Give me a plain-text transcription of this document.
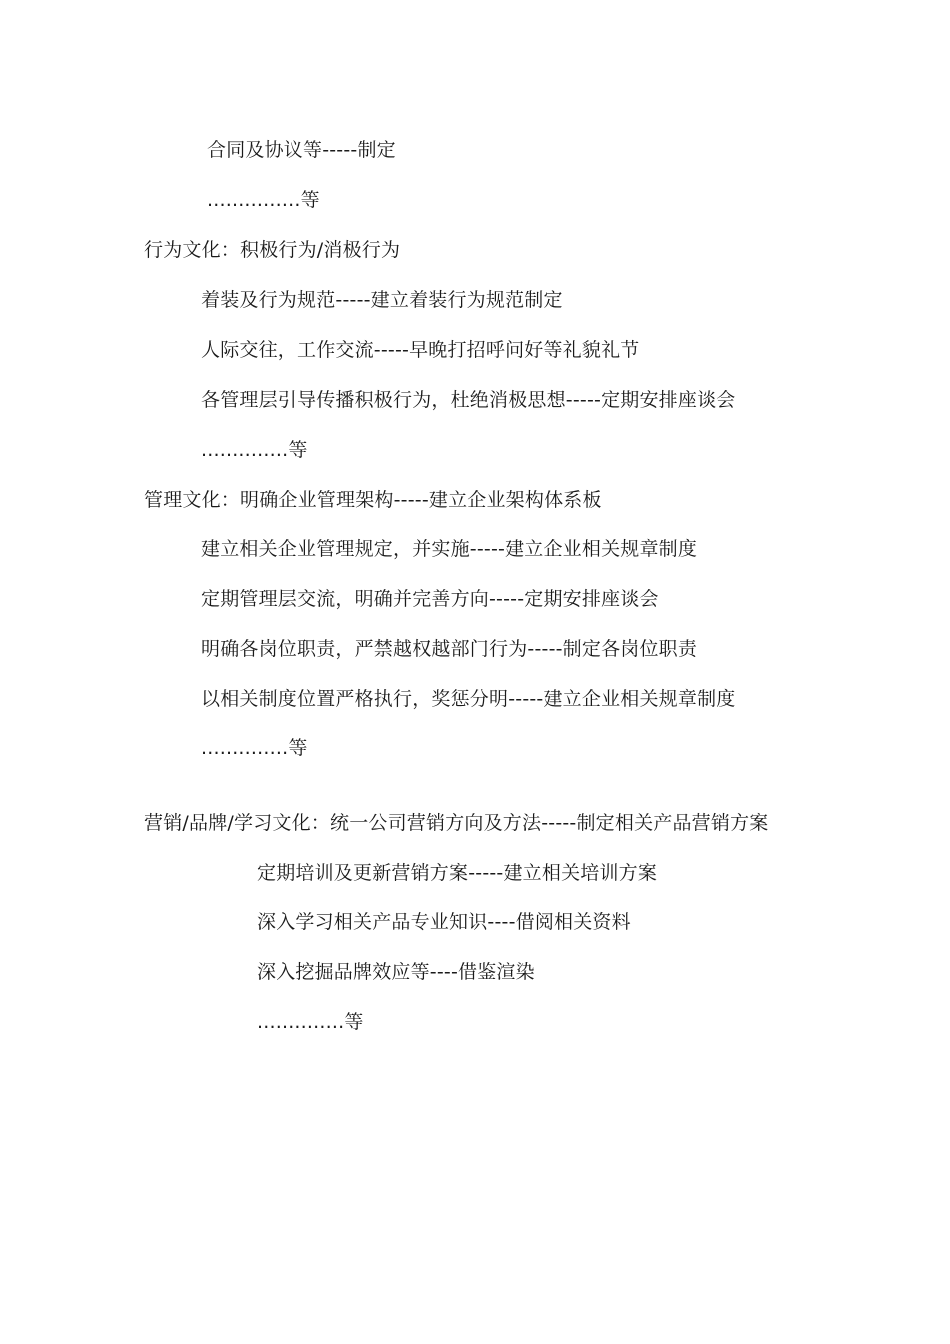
合同及协议等-----制定
...............等
行为文化：积极行为/消极行为
着装及行为规范-----建立着装行为规范制定
人际交往，工作交流-----早晚打招呼问好等礼貌礼节
各管理层引导传播积极行为，杜绝消极思想-----定期安排座谈会
..............等
管理文化：明确企业管理架构-----建立企业架构体系板
建立相关企业管理规定，并实施-----建立企业相关规章制度
定期管理层交流，明确并完善方向-----定期安排座谈会
明确各岗位职责，严禁越权越部门行为-----制定各岗位职责
以相关制度位置严格执行，奖惩分明-----建立企业相关规章制度
..............等
营销/品牌/学习文化：统一公司营销方向及方法-----制定相关产品营销方案
定期培训及更新营销方案-----建立相关培训方案
深入学习相关产品专业知识----借阅相关资料
深入挖掘品牌效应等----借鉴渲染
..............等
